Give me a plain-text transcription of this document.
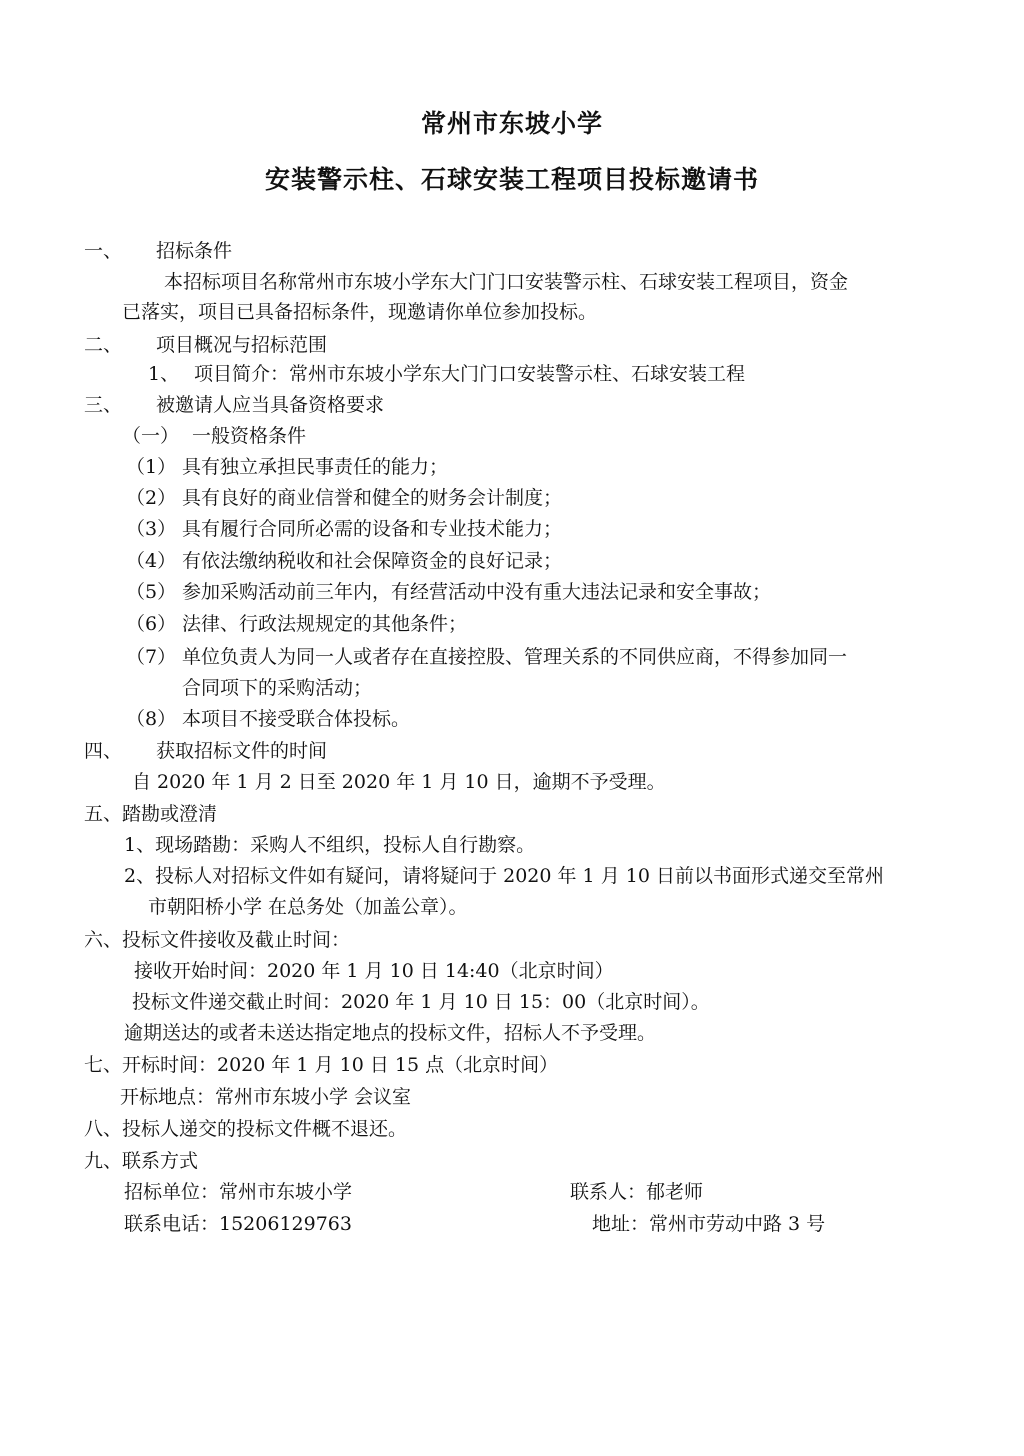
常州市东坡小学
安装警示柱、石球安装工程项目投标邀请书
一、 招标条件
本招标项目名称常州市东坡小学东大门门口安装警示柱、石球安装工程项目，资金
已落实，项目已具备招标条件，现邀请你单位参加投标。
二、 项目概况与招标范围
1、 项目简介：常州市东坡小学东大门门口安装警示柱、石球安装工程
三、 被邀请人应当具备资格要求
（一） 一般资格条件
（1） 具有独立承担民事责任的能力；
（2） 具有良好的商业信誉和健全的财务会计制度；
（3） 具有履行合同所必需的设备和专业技术能力；
（4） 有依法缴纳税收和社会保障资金的良好记录；
（5） 参加采购活动前三年内，有经营活动中没有重大违法记录和安全事故；
（6） 法律、行政法规规定的其他条件；
（7） 单位负责人为同一人或者存在直接控股、管理关系的不同供应商，不得参加同一
合同项下的采购活动；
（8） 本项目不接受联合体投标。
四、 获取招标文件的时间
自 2020 年 1 月 2 日至 2020 年 1 月 10 日，逾期不予受理。
五、踏勘或澄清
1、现场踏勘：采购人不组织，投标人自行勘察。
2、投标人对招标文件如有疑问，请将疑问于 2020 年 1 月 10 日前以书面形式递交至常州
市朝阳桥小学 在总务处（加盖公章）。
六、投标文件接收及截止时间：
接收开始时间：2020 年 1 月 10 日 14:40（北京时间）
投标文件递交截止时间：2020 年 1 月 10 日 15：00（北京时间）。
逾期送达的或者未送达指定地点的投标文件，招标人不予受理。
七、开标时间：2020 年 1 月 10 日 15 点（北京时间）
开标地点：常州市东坡小学 会议室
八、投标人递交的投标文件概不退还。
九、联系方式
招标单位：常州市东坡小学	联系人：郁老师
联系电话：15206129763	地址：常州市劳动中路 3 号
